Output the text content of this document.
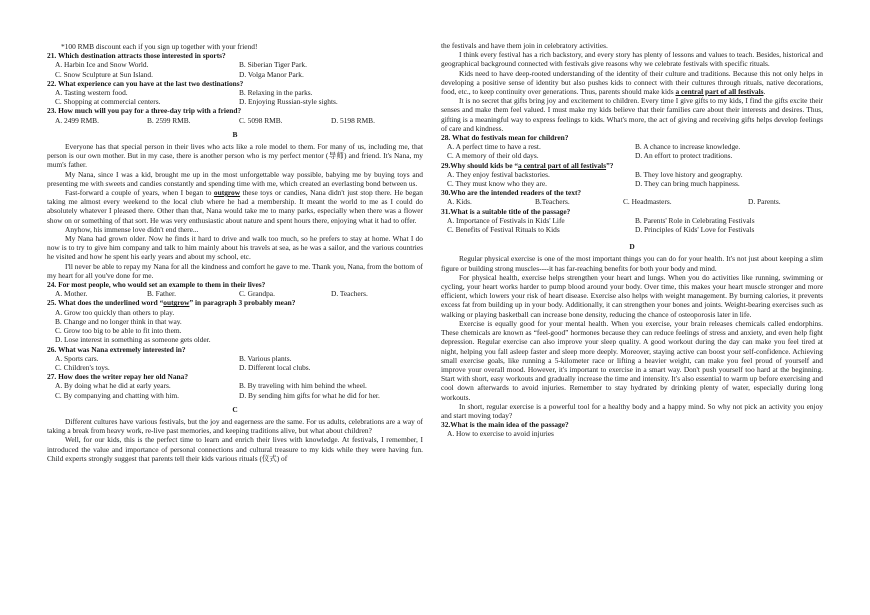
*100 RMB discount each if you sign up together with your friend!
21. Which destination attracts those interested in sports?
A. Harbin Ice and Snow World.	B. Siberian Tiger Park.
C. Snow Sculpture at Sun Island.	D. Volga Manor Park.
22. What experience can you have at the last two destinations?
A. Tasting western food.	B. Relaxing in the parks.
C. Shopping at commercial centers.	D. Enjoying Russian-style sights.
23. How much will you pay for a three-day trip with a friend?
A. 2499 RMB.	B. 2599 RMB.	C. 5098 RMB.	D. 5198 RMB.
B

Everyone has that special person in their lives who acts like a role model to them. For many of us, including me, that person is our own mother. But in my case, there is another person who is my perfect mentor (导师) and friend. It's Nana, my mum's father.

My Nana, since I was a kid, brought me up in the most unforgettable way possible, babying me by buying toys and presenting me with sweets and candies constantly and spending time with me, which created an everlasting bond between us.

Fast-forward a couple of years, when I began to outgrow these toys or candies, Nana didn't just stop there. He began taking me almost every weekend to the local club where he had a membership. It meant the world to me as I could do absolutely whatever I pleased there. Other than that, Nana would take me to many parks, especially when there was a flower show on or something of that sort. He was very enthusiastic about nature and spent hours there, enjoying what it had to offer.

Anyhow, his immense love didn't end there...

My Nana had grown older. Now he finds it hard to drive and walk too much, so he prefers to stay at home. What I do now is to try to give him company and talk to him mainly about his travels at sea, as he was a sailor, and the various countries he visited and how he spent his early years and about my school, etc.

I'll never be able to repay my Nana for all the kindness and comfort he gave to me. Thank you, Nana, from the bottom of my heart for all you've done for me.

24. For most people, who would set an example to them in their lives?
A. Mother.	B. Father.	C. Grandpa.	D. Teachers.
25. What does the underlined word “outgrow” in paragraph 3 probably mean?
A. Grow too quickly than others to play.
B. Change and no longer think in that way.
C. Grow too big to be able to fit into them.
D. Lose interest in something as someone gets older.
26. What was Nana extremely interested in?
A. Sports cars.	B. Various plants.
C. Children's toys.	D. Different local clubs.
27. How does the writer repay her old Nana?
A. By doing what he did at early years.	B. By traveling with him behind the wheel.
C. By companying and chatting with him.	D. By sending him gifts for what he did for her.
C

Different cultures have various festivals, but the joy and eagerness are the same. For us adults, celebrations are a way of taking a break from heavy work, re-live past memories, and keeping traditions alive, but what about children?

Well, for our kids, this is the perfect time to learn and enrich their lives with knowledge. At festivals, I remember, I introduced the value and importance of personal connections and cultural treasure to my kids while they were having fun. Child experts strongly suggest that parents tell their kids various rituals (仪式) of

the festivals and have them join in celebratory activities.

I think every festival has a rich backstory, and every story has plenty of lessons and values to teach. Besides, historical and geographical background connected with festivals give reasons why we celebrate festivals with specific rituals.

Kids need to have deep-rooted understanding of the identity of their culture and traditions. Because this not only helps in developing a positive sense of identity but also pushes kids to connect with their cultures through rituals, native decorations, food, etc., to keep continuity over generations. Thus, parents should make kids a central part of all festivals.

It is no secret that gifts bring joy and excitement to children. Every time I give gifts to my kids, I find the gifts excite their senses and make them feel valued. I must make my kids believe that their families care about their interests and desires. Thus, gifting is a meaningful way to express feelings to kids. What's more, the act of giving and receiving gifts helps develop feelings of care and kindness.

28. What do festivals mean for children?
A. A perfect time to have a rest.	B. A chance to increase knowledge.
C. A memory of their old days.	D. An effort to protect traditions.
29.Why should kids be “a central part of all festivals”?
A. They enjoy festival backstories.	B. They love history and geography.
C. They must know who they are.	D. They can bring much happiness.
30.Who are the intended readers of the text?
A. Kids.	B.Teachers.	C. Headmasters.	D. Parents.
31.What is a suitable title of the passage?
A. Importance of Festivals in Kids' Life	B. Parents' Role in Celebrating Festivals
C. Benefits of Festival Rituals to Kids	D. Principles of Kids' Love for Festivals
D

Regular physical exercise is one of the most important things you can do for your health. It's not just about keeping a slim figure or building strong muscles----it has far-reaching benefits for both your body and mind.

For physical health, exercise helps strengthen your heart and lungs. When you do activities like running, swimming or cycling, your heart works harder to pump blood around your body. Over time, this makes your heart muscle stronger and more efficient, which lowers your risk of heart disease. Exercise also helps with weight management. By burning calories, it prevents excess fat from building up in your body. Additionally, it can strengthen your bones and joints. Weight-bearing exercises such as walking or playing basketball can increase bone density, reducing the chance of osteoporosis later in life.

Exercise is equally good for your mental health. When you exercise, your brain releases chemicals called endorphins. These chemicals are known as “feel-good” hormones because they can reduce feelings of stress and anxiety, and even help fight depression. Regular exercise can also improve your sleep quality. A good workout during the day can make you feel tired at night, helping you fall asleep faster and sleep more deeply. Moreover, staying active can boost your self-confidence. Achieving small exercise goals, like running a 5-kilometer race or lifting a heavier weight, can make you feel proud of yourself and improve your overall mood. However, it's important to exercise in a smart way. Don't push yourself too hard at the beginning. Start with short, easy workouts and gradually increase the time and intensity. It's also essential to warm up before exercising and cool down afterwards to avoid injuries. Remember to stay hydrated by drinking plenty of water, especially during long workouts.

In short, regular exercise is a powerful tool for a healthy body and a happy mind. So why not pick an activity you enjoy and start moving today?

32.What is the main idea of the passage?
A. How to exercise to avoid injuries
